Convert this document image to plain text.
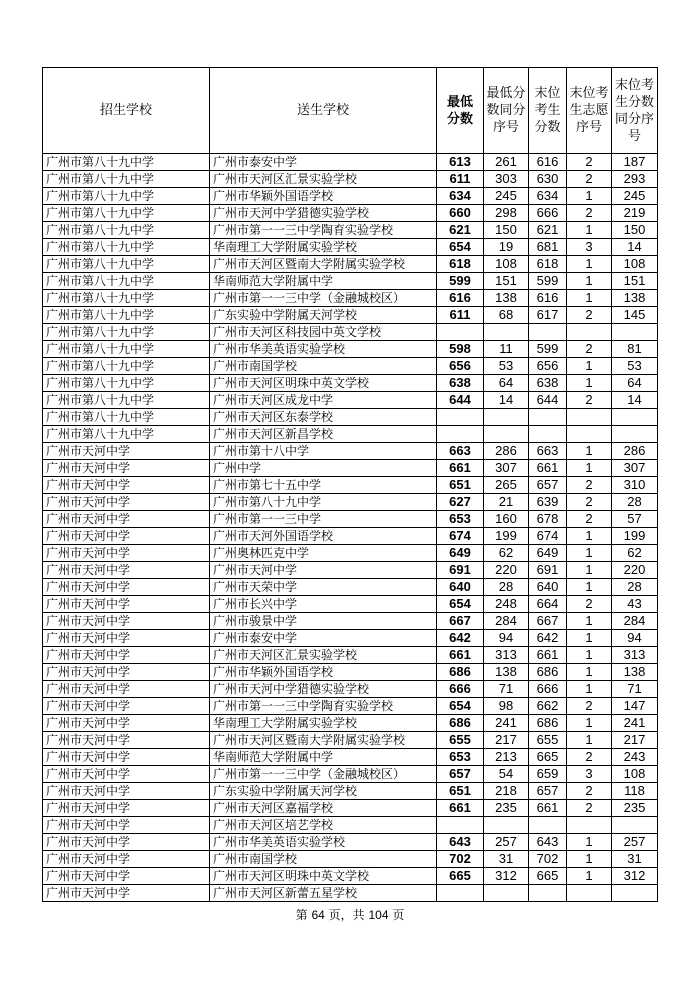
招生学校	送生学校	最低分数	最低分数同分序号	末位考生分数	末位考生志愿序号	末位考生分数同分序号
广州市第八十九中学	广州市泰安中学	613	261	616	2	187
广州市第八十九中学	广州市天河区汇景实验学校	611	303	630	2	293
广州市第八十九中学	广州市华颖外国语学校	634	245	634	1	245
广州市第八十九中学	广州市天河中学猎德实验学校	660	298	666	2	219
广州市第八十九中学	广州市第一一三中学陶育实验学校	621	150	621	1	150
广州市第八十九中学	华南理工大学附属实验学校	654	19	681	3	14
广州市第八十九中学	广州市天河区暨南大学附属实验学校	618	108	618	1	108
广州市第八十九中学	华南师范大学附属中学	599	151	599	1	151
广州市第八十九中学	广州市第一一三中学（金融城校区）	616	138	616	1	138
广州市第八十九中学	广东实验中学附属天河学校	611	68	617	2	145
广州市第八十九中学	广州市天河区科技园中英文学校					
广州市第八十九中学	广州市华美英语实验学校	598	11	599	2	81
广州市第八十九中学	广州市南国学校	656	53	656	1	53
广州市第八十九中学	广州市天河区明珠中英文学校	638	64	638	1	64
广州市第八十九中学	广州市天河区成龙中学	644	14	644	2	14
广州市第八十九中学	广州市天河区东泰学校					
广州市第八十九中学	广州市天河区新昌学校					
广州市天河中学	广州市第十八中学	663	286	663	1	286
广州市天河中学	广州中学	661	307	661	1	307
广州市天河中学	广州市第七十五中学	651	265	657	2	310
广州市天河中学	广州市第八十九中学	627	21	639	2	28
广州市天河中学	广州市第一一三中学	653	160	678	2	57
广州市天河中学	广州市天河外国语学校	674	199	674	1	199
广州市天河中学	广州奥林匹克中学	649	62	649	1	62
广州市天河中学	广州市天河中学	691	220	691	1	220
广州市天河中学	广州市天荣中学	640	28	640	1	28
广州市天河中学	广州市长兴中学	654	248	664	2	43
广州市天河中学	广州市骏景中学	667	284	667	1	284
广州市天河中学	广州市泰安中学	642	94	642	1	94
广州市天河中学	广州市天河区汇景实验学校	661	313	661	1	313
广州市天河中学	广州市华颖外国语学校	686	138	686	1	138
广州市天河中学	广州市天河中学猎德实验学校	666	71	666	1	71
广州市天河中学	广州市第一一三中学陶育实验学校	654	98	662	2	147
广州市天河中学	华南理工大学附属实验学校	686	241	686	1	241
广州市天河中学	广州市天河区暨南大学附属实验学校	655	217	655	1	217
广州市天河中学	华南师范大学附属中学	653	213	665	2	243
广州市天河中学	广州市第一一三中学（金融城校区）	657	54	659	3	108
广州市天河中学	广东实验中学附属天河学校	651	218	657	2	118
广州市天河中学	广州市天河区嘉福学校	661	235	661	2	235
广州市天河中学	广州市天河区培艺学校					
广州市天河中学	广州市华美英语实验学校	643	257	643	1	257
广州市天河中学	广州市南国学校	702	31	702	1	31
广州市天河中学	广州市天河区明珠中英文学校	665	312	665	1	312
广州市天河中学	广州市天河区新蕾五星学校					
第 64 页，共 104 页
